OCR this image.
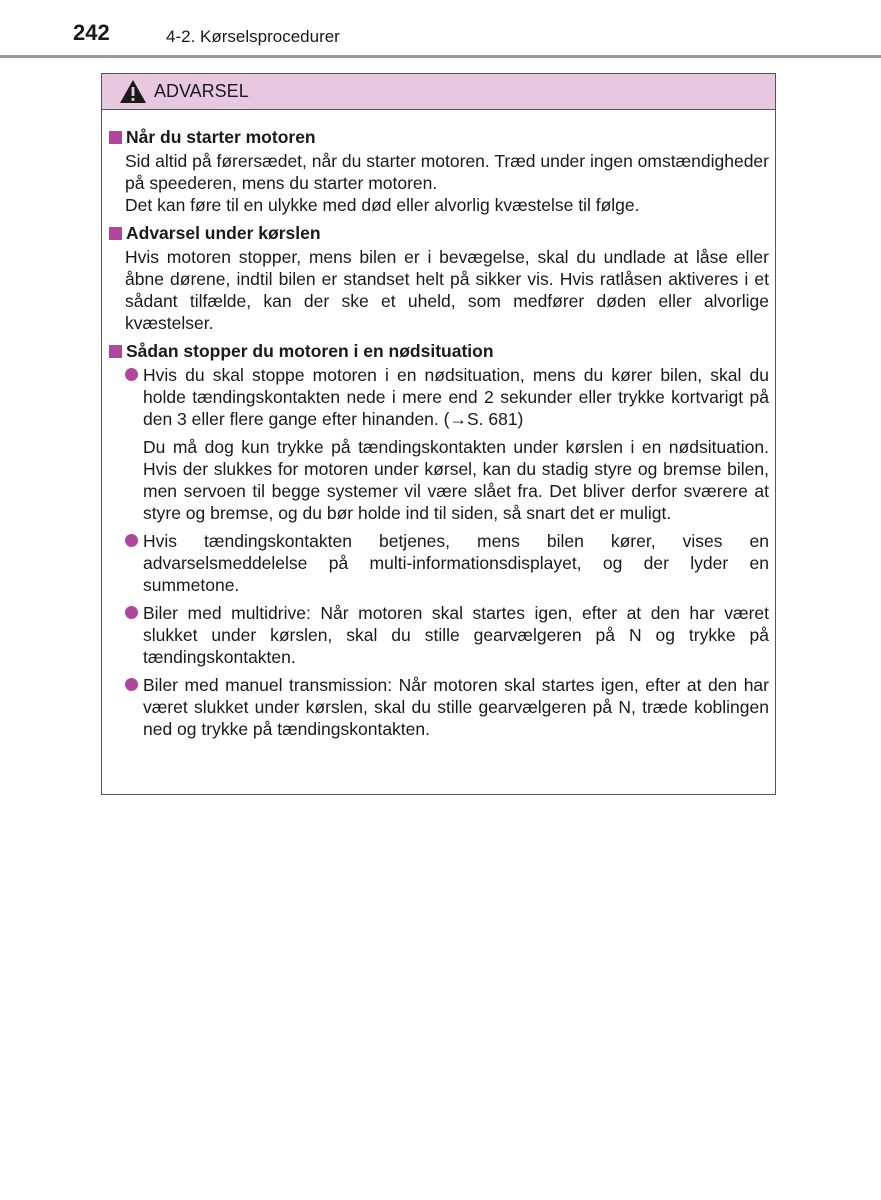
242	4-2. Kørselsprocedurer
ADVARSEL
Når du starter motoren
Sid altid på førersædet, når du starter motoren. Træd under ingen omstændigheder på speederen, mens du starter motoren.
Det kan føre til en ulykke med død eller alvorlig kvæstelse til følge.
Advarsel under kørslen
Hvis motoren stopper, mens bilen er i bevægelse, skal du undlade at låse eller åbne dørene, indtil bilen er standset helt på sikker vis. Hvis ratlåsen aktiveres i et sådant tilfælde, kan der ske et uheld, som medfører døden eller alvorlige kvæstelser.
Sådan stopper du motoren i en nødsituation
Hvis du skal stoppe motoren i en nødsituation, mens du kører bilen, skal du holde tændingskontakten nede i mere end 2 sekunder eller trykke kortvarigt på den 3 eller flere gange efter hinanden. (→S. 681)
Du må dog kun trykke på tændingskontakten under kørslen i en nødsituation. Hvis der slukkes for motoren under kørsel, kan du stadig styre og bremse bilen, men servoen til begge systemer vil være slået fra. Det bliver derfor sværere at styre og bremse, og du bør holde ind til siden, så snart det er muligt.
Hvis tændingskontakten betjenes, mens bilen kører, vises en advarselsmeddelelse på multi-informationsdisplayet, og der lyder en summetone.
Biler med multidrive: Når motoren skal startes igen, efter at den har været slukket under kørslen, skal du stille gearvælgeren på N og trykke på tændingskontakten.
Biler med manuel transmission: Når motoren skal startes igen, efter at den har været slukket under kørslen, skal du stille gearvælgeren på N, træde koblingen ned og trykke på tændingskontakten.
